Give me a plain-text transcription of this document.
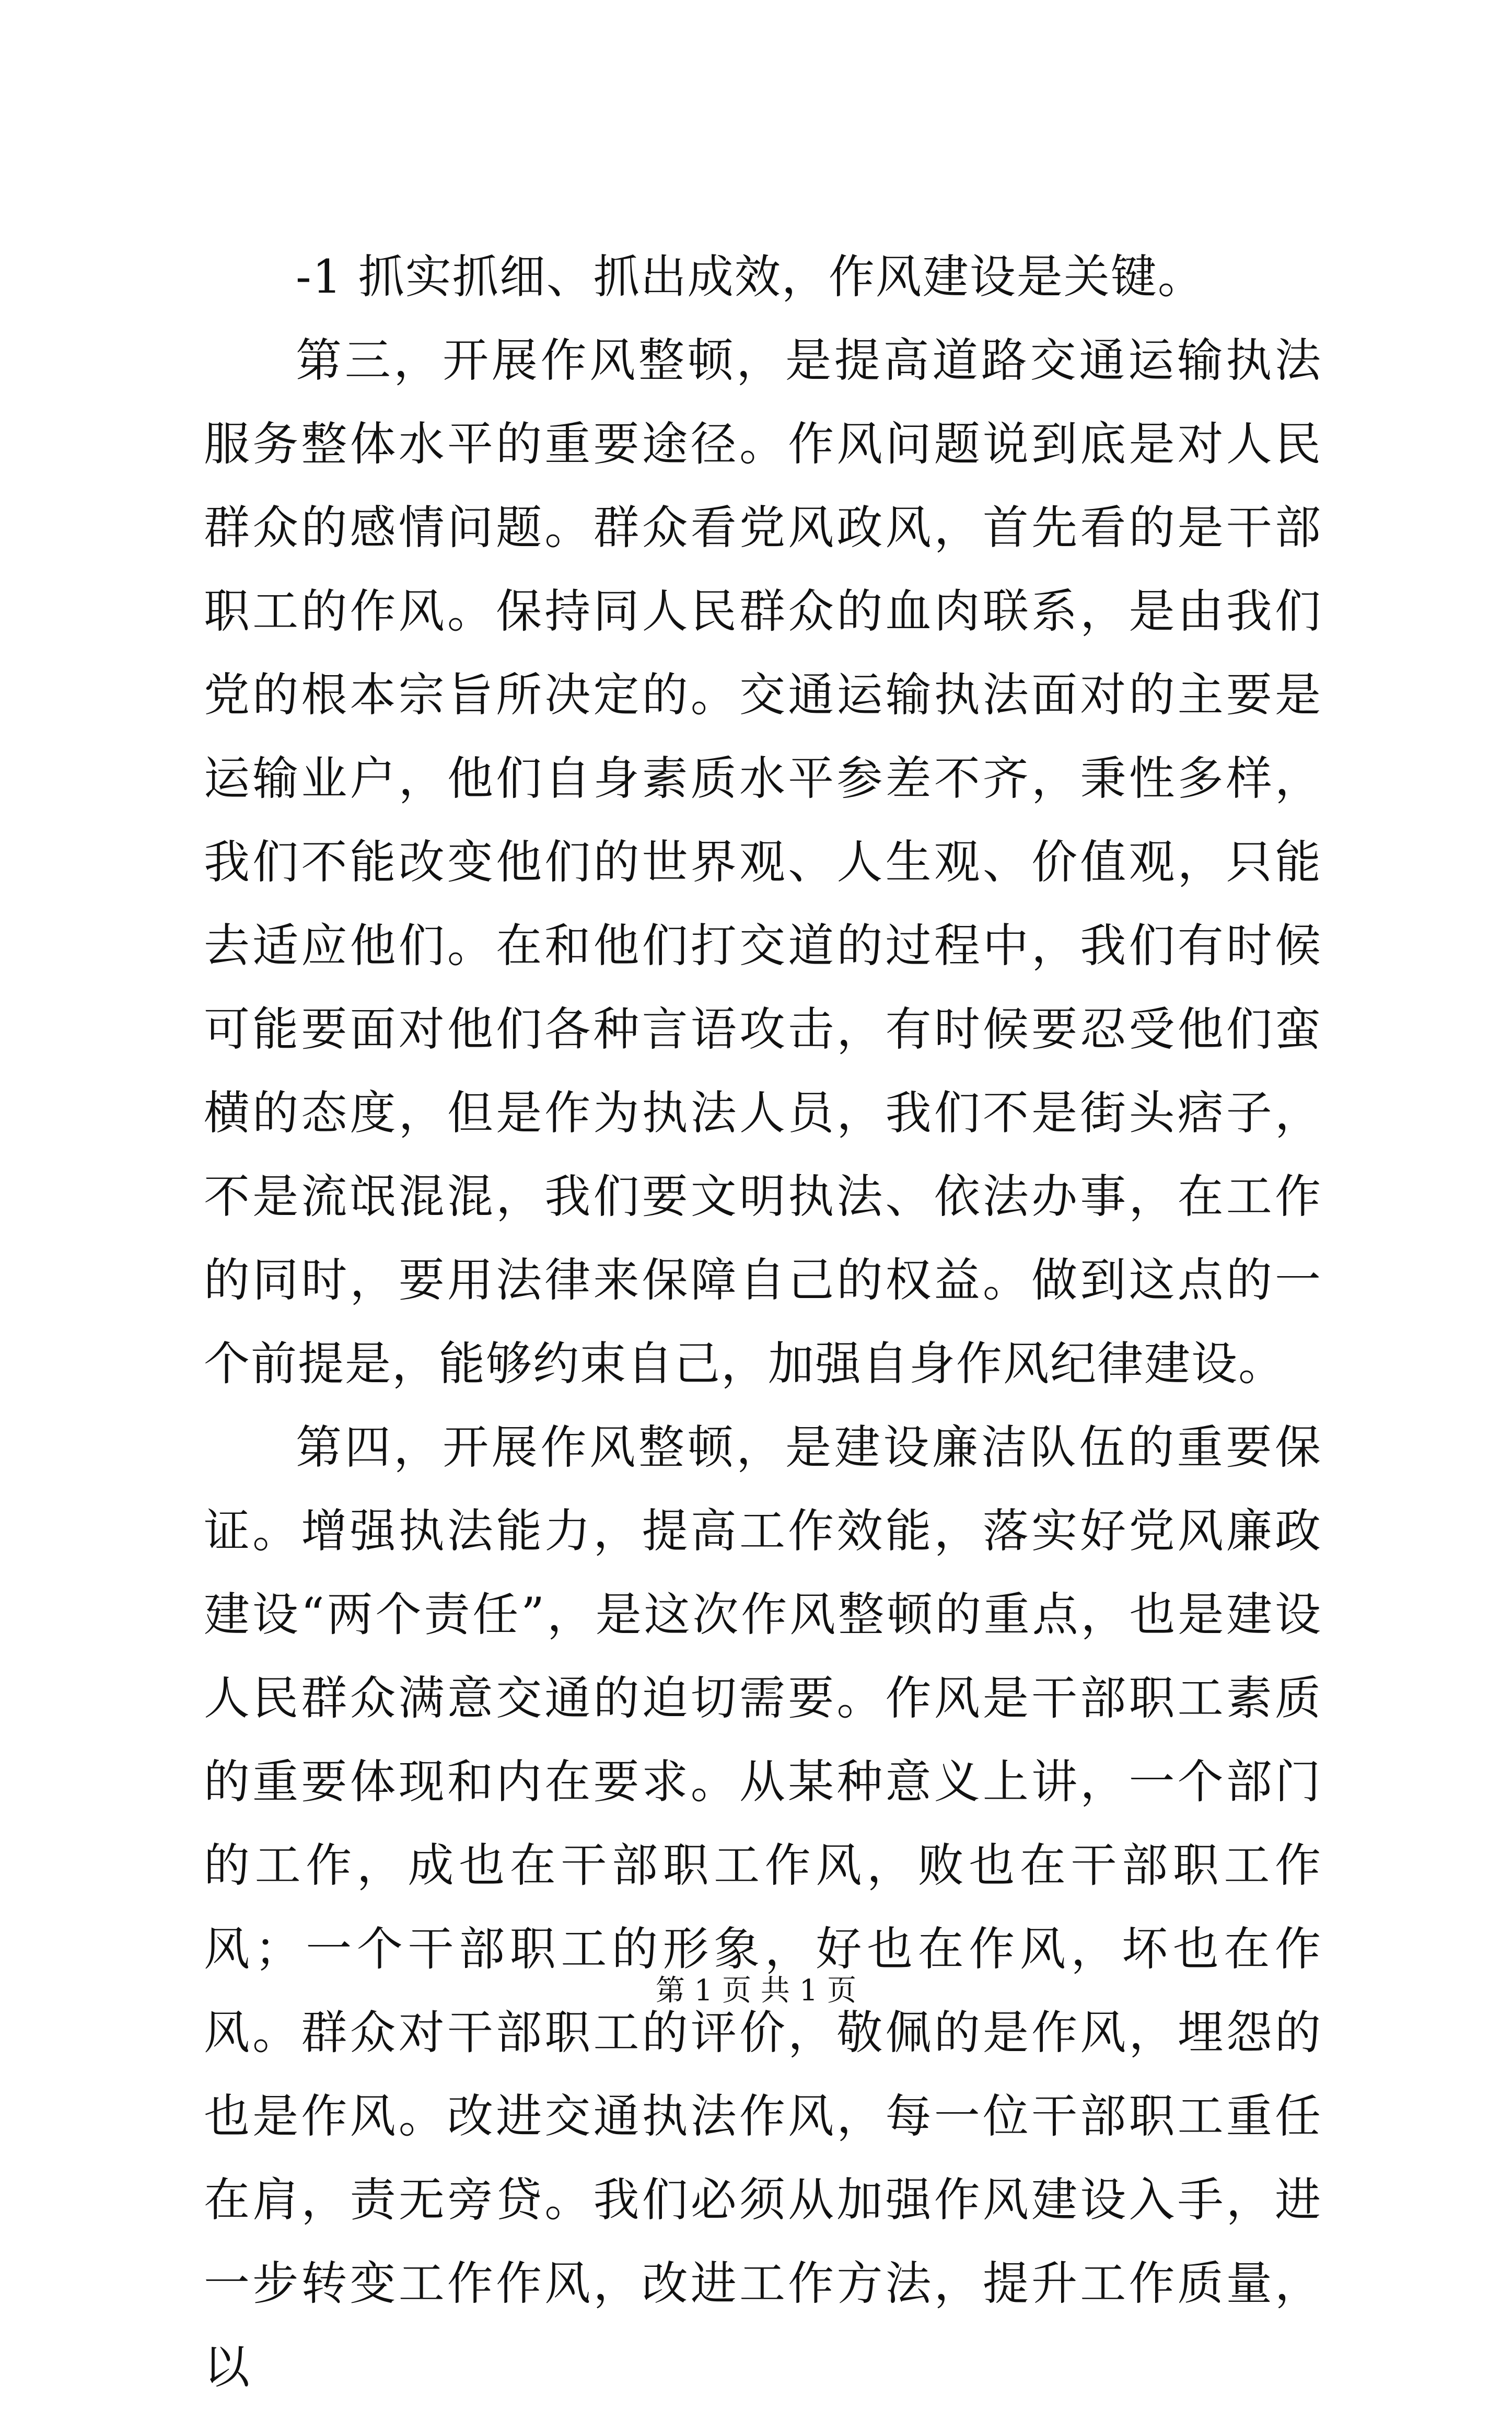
-1 抓实抓细、抓出成效，作风建设是关键。

第三，开展作风整顿，是提高道路交通运输执法服务整体水平的重要途径。作风问题说到底是对人民群众的感情问题。群众看党风政风，首先看的是干部职工的作风。保持同人民群众的血肉联系，是由我们党的根本宗旨所决定的。交通运输执法面对的主要是运输业户，他们自身素质水平参差不齐，秉性多样，我们不能改变他们的世界观、人生观、价值观，只能去适应他们。在和他们打交道的过程中，我们有时候可能要面对他们各种言语攻击，有时候要忍受他们蛮横的态度，但是作为执法人员，我们不是街头痞子，不是流氓混混，我们要文明执法、依法办事，在工作的同时，要用法律来保障自己的权益。做到这点的一个前提是，能够约束自己，加强自身作风纪律建设。

第四，开展作风整顿，是建设廉洁队伍的重要保证。增强执法能力，提高工作效能，落实好党风廉政建设“两个责任”，是这次作风整顿的重点，也是建设人民群众满意交通的迫切需要。作风是干部职工素质的重要体现和内在要求。从某种意义上讲，一个部门的工作，成也在干部职工作风，败也在干部职工作风；一个干部职工的形象，好也在作风，坏也在作风。群众对干部职工的评价，敬佩的是作风，埋怨的也是作风。改进交通执法作风，每一位干部职工重任在肩，责无旁贷。我们必须从加强作风建设入手，进一步转变工作作风，改进工作方法，提升工作质量，以

第 1 页 共 1 页
